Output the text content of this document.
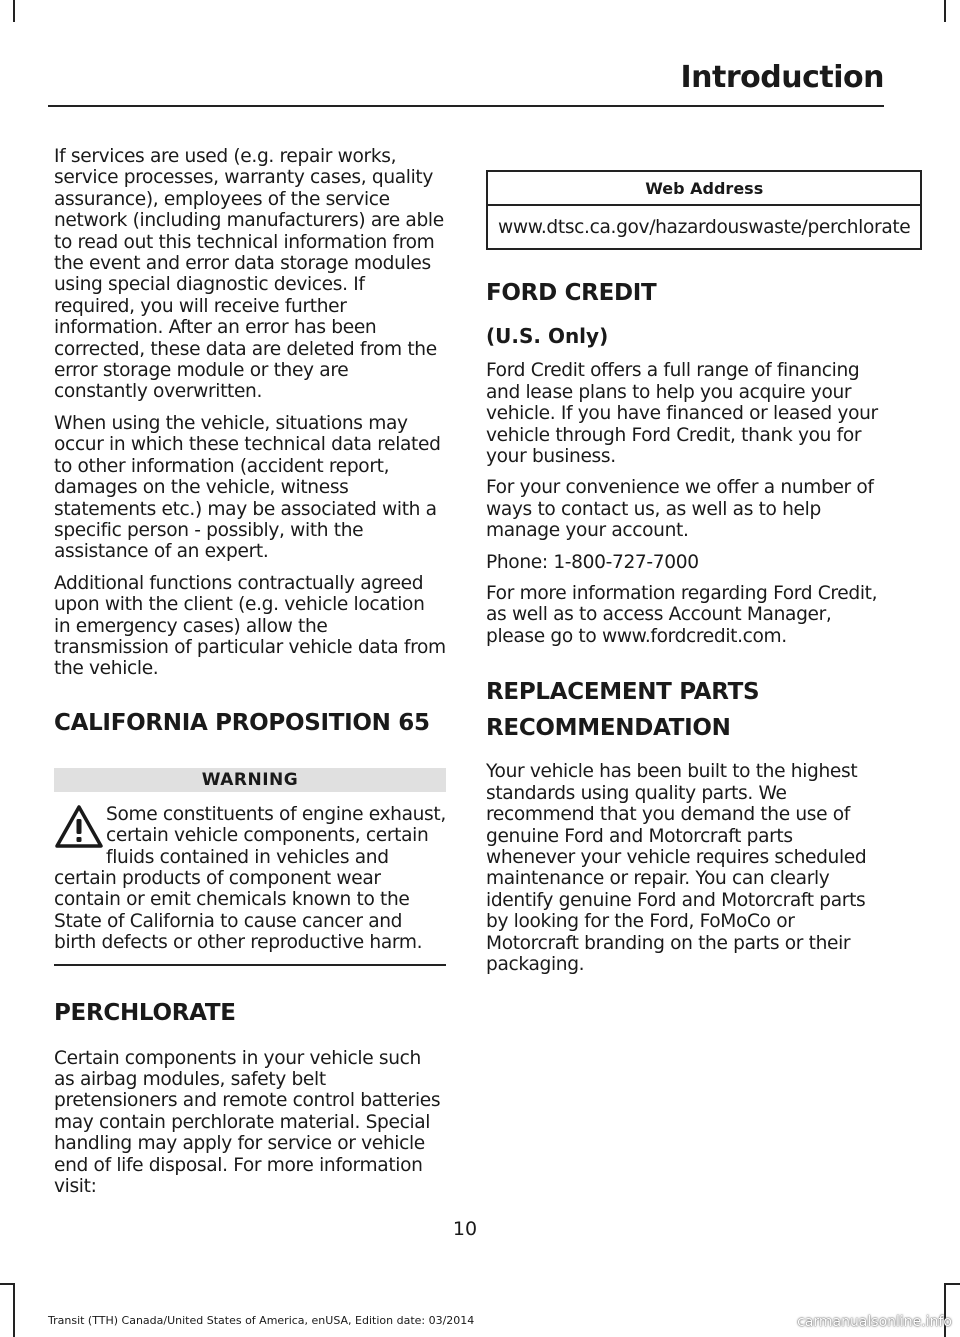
Introduction

If services are used (e.g. repair works, service processes, warranty cases, quality assurance), employees of the service network (including manufacturers) are able to read out this technical information from the event and error data storage modules using special diagnostic devices. If required, you will receive further information. After an error has been corrected, these data are deleted from the error storage module or they are constantly overwritten.

When using the vehicle, situations may occur in which these technical data related to other information (accident report, damages on the vehicle, witness statements etc.) may be associated with a specific person - possibly, with the assistance of an expert.

Additional functions contractually agreed upon with the client (e.g. vehicle location in emergency cases) allow the transmission of particular vehicle data from the vehicle.

CALIFORNIA PROPOSITION 65
WARNING

Some constituents of engine exhaust, certain vehicle components, certain fluids contained in vehicles and certain products of component wear contain or emit chemicals known to the State of California to cause cancer and birth defects or other reproductive harm.

PERCHLORATE

Certain components in your vehicle such as airbag modules, safety belt pretensioners and remote control batteries may contain perchlorate material. Special handling may apply for service or vehicle end of life disposal. For more information visit:

Web Address
www.dtsc.ca.gov/hazardouswaste/perchlorate
FORD CREDIT
(U.S. Only)

Ford Credit offers a full range of financing and lease plans to help you acquire your vehicle. If you have financed or leased your vehicle through Ford Credit, thank you for your business.

For your convenience we offer a number of ways to contact us, as well as to help manage your account.

Phone: 1-800-727-7000

For more information regarding Ford Credit, as well as to access Account Manager, please go to www.fordcredit.com.

REPLACEMENT PARTS
RECOMMENDATION

Your vehicle has been built to the highest standards using quality parts. We recommend that you demand the use of genuine Ford and Motorcraft parts whenever your vehicle requires scheduled maintenance or repair. You can clearly identify genuine Ford and Motorcraft parts by looking for the Ford, FoMoCo or Motorcraft branding on the parts or their packaging.

10
Transit (TTH) Canada/United States of America, enUSA, Edition date: 03/2014	carmanualsonline.info
